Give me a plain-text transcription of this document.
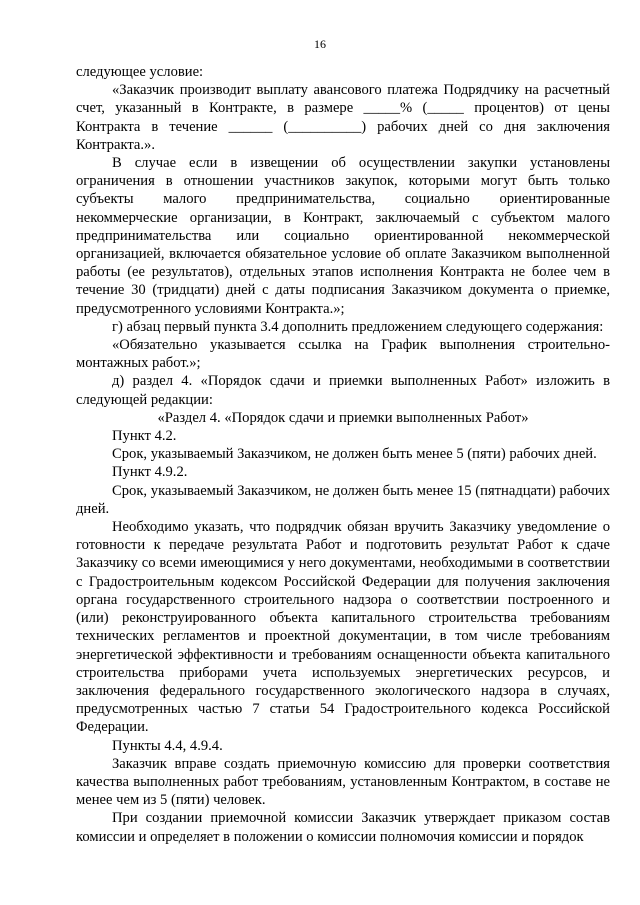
16

следующее условие:

«Заказчик производит выплату авансового платежа Подрядчику на расчетный счет, указанный в Контракте, в размере _____% (_____ процентов) от цены Контракта в течение ______ (__________) рабочих дней со дня заключения Контракта.».

В случае если в извещении об осуществлении закупки установлены ограничения в отношении участников закупок, которыми могут быть только субъекты малого предпринимательства, социально ориентированные некоммерческие организации, в Контракт, заключаемый с субъектом малого предпринимательства или социально ориентированной некоммерческой организацией, включается обязательное условие об оплате Заказчиком выполненной работы (ее результатов), отдельных этапов исполнения Контракта не более чем в течение 30 (тридцати) дней с даты подписания Заказчиком документа о приемке, предусмотренного условиями Контракта.»;

г) абзац первый пункта 3.4 дополнить предложением следующего содержания:

«Обязательно указывается ссылка на График выполнения строительно-монтажных работ.»;

д) раздел 4. «Порядок сдачи и приемки выполненных Работ» изложить в следующей редакции:

«Раздел 4. «Порядок сдачи и приемки выполненных Работ»

Пункт 4.2.

Срок, указываемый Заказчиком, не должен быть менее 5 (пяти) рабочих дней.

Пункт 4.9.2.

Срок, указываемый Заказчиком, не должен быть менее 15 (пятнадцати) рабочих дней.

Необходимо указать, что подрядчик обязан вручить Заказчику уведомление о готовности к передаче результата Работ и подготовить результат Работ к сдаче Заказчику со всеми имеющимися у него документами, необходимыми в соответствии с Градостроительным кодексом Российской Федерации для получения заключения органа государственного строительного надзора о соответствии построенного и (или) реконструированного объекта капитального строительства требованиям технических регламентов и проектной документации, в том числе требованиям энергетической эффективности и требованиям оснащенности объекта капитального строительства приборами учета используемых энергетических ресурсов, и заключения федерального государственного экологического надзора в случаях, предусмотренных частью 7 статьи 54 Градостроительного кодекса Российской Федерации.

Пункты 4.4, 4.9.4.

Заказчик вправе создать приемочную комиссию для проверки соответствия качества выполненных работ требованиям, установленным Контрактом, в составе не менее чем из 5 (пяти) человек.

При создании приемочной комиссии Заказчик утверждает приказом состав комиссии и определяет в положении о комиссии полномочия комиссии и порядок
